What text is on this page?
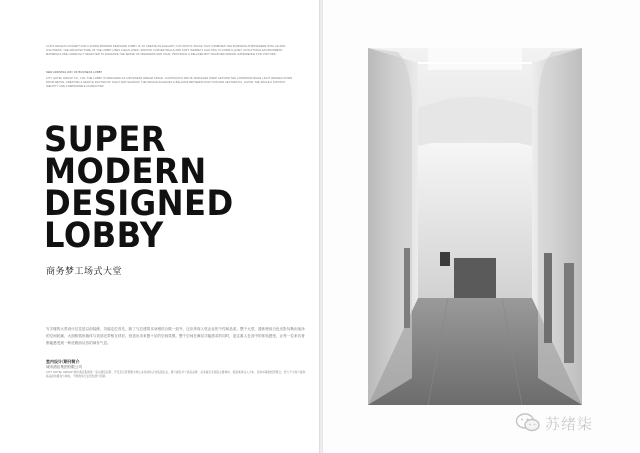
CCD'S DESIGN CONCEPT FOR A SUPER MODERN DESIGNED LOBBY IS TO CREATE AN ELEGANT, FUTURISTIC SPACE THAT COMBINES THE BUSINESS ATMOSPHERE WITH AN AIRY LIGHTNESS. THE ARCHITECTURE OF THE LOBBY USES CLEAN LINES, SMOOTH CURVED WALLS AND SOFT INDIRECT LIGHTING TO FORM A QUIET, SCULPTURAL ENVIRONMENT. MATERIALS ARE CAREFULLY SELECTED TO ENHANCE THE SENSE OF OPENNESS AND CALM, PROVIDING A RELAXED BUT DIGNIFIED ARRIVAL EXPERIENCE FOR VISITORS.
NEW ARRIVING WAY OF BUSINESS LOBBY
CITY HOTEL GROUP CO., LTD. THE LOBBY IS DESIGNED AS A BUSINESS DREAM SPACE. CONTINUOUS WHITE SURFACES WRAP AROUND THE CORRIDOR WHILE LIGHT WASHES DOWN FROM ABOVE, CREATING A GENTLE RHYTHM OF LIGHT AND SHADOW. THE DESIGN ACHIEVES A BALANCE BETWEEN FUNCTION AND AESTHETICS, GIVING THE SPACE A DISTINCT IDENTITY AND A MEMORABLE CHARACTER.
SUPER
MODERN
DESIGNED
LOBBY
商务梦工场式大堂
写字楼的大堂设计往往是以前装修，功能定位首先，除了与总建筑本身相结合做一致外，还应体现入驻企业的个性和品质。整个大堂，通体使用白色光影勾勒出纯净的空间轮廓，大面积弧形墙体与顶部光带相互呼应，营造出未来感十足的空间氛围。整个空间在满足功能需求的同时，更注重人在其中的体验感受，让每一位来访者都能感受到一种优雅而从容的商务气息。
室内设计/期刊简介
城市酒店集团有限公司
CITY HOTEL GROUP 城市酒店集团是一家以酒店投资、开发及运营管理为核心业务的综合性集团企业，旗下拥有多个酒店品牌，业务遍及全国各主要城市。集团秉承以人为本、追求卓越的经营理念，致力于为客户提供高品质的服务与体验，不断推动行业的发展与创新。
苏绪柒
